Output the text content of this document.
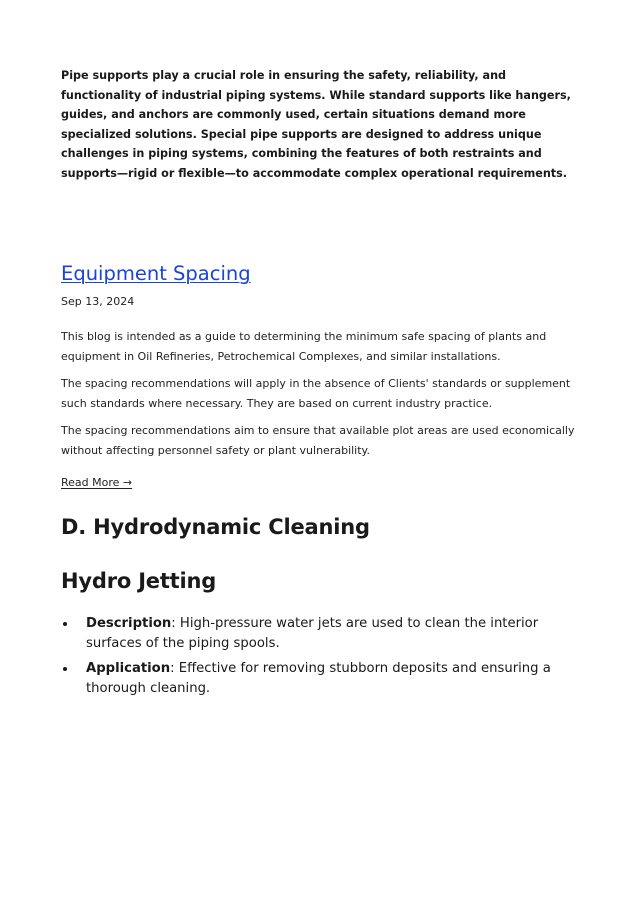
Pipe supports play a crucial role in ensuring the safety, reliability, and functionality of industrial piping systems. While standard supports like hangers, guides, and anchors are commonly used, certain situations demand more specialized solutions. Special pipe supports are designed to address unique challenges in piping systems, combining the features of both restraints and supports—rigid or flexible—to accommodate complex operational requirements.

Equipment Spacing
Sep 13, 2024

This blog is intended as a guide to determining the minimum safe spacing of plants and equipment in Oil Refineries, Petrochemical Complexes, and similar installations.

The spacing recommendations will apply in the absence of Clients' standards or supplement such standards where necessary. They are based on current industry practice.

The spacing recommendations aim to ensure that available plot areas are used economically without affecting personnel safety or plant vulnerability.

Read More →
D. Hydrodynamic Cleaning
Hydro Jetting
Description: High-pressure water jets are used to clean the interior surfaces of the piping spools.
Application: Effective for removing stubborn deposits and ensuring a thorough cleaning.
